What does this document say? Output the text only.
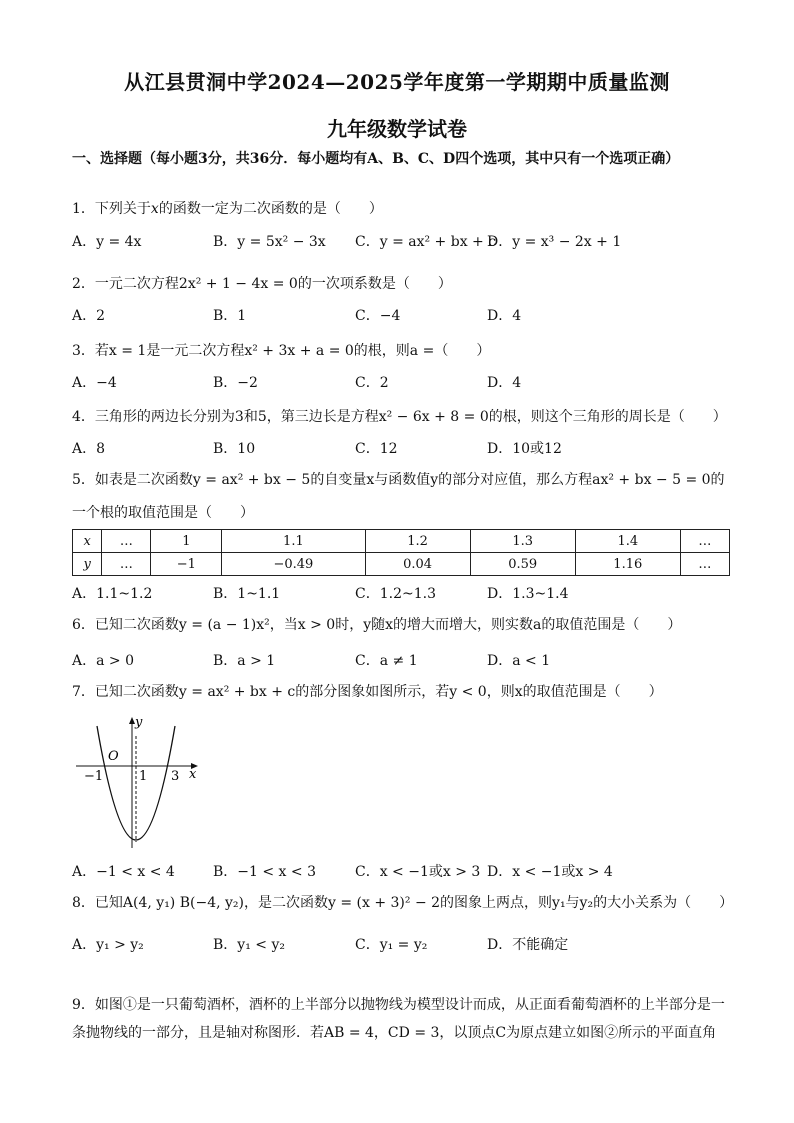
从江县贯洞中学2024—2025学年度第一学期期中质量监测
九年级数学试卷
一、选择题（每小题3分，共36分．每小题均有A、B、C、D四个选项，其中只有一个选项正确）
1．下列关于x的函数一定为二次函数的是（　　）
A．y = 4x	B．y = 5x² − 3x C．y = ax² + bx + c
D．y = x³ − 2x + 1
2．一元二次方程2x² + 1 − 4x = 0的一次项系数是（　　）
A．2	B．1	C．−4	D．4
3．若x = 1是一元二次方程x² + 3x + a = 0的根，则a =（　　）
A．−4	B．−2	C．2	D．4
4．三角形的两边长分别为3和5，第三边长是方程x² − 6x + 8 = 0的根，则这个三角形的周长是（　　）
A．8	B．10	C．12	D．10或12
5．如表是二次函数y = ax² + bx − 5的自变量x与函数值y的部分对应值，那么方程ax² + bx − 5 = 0的一个根的取值范围是（　　）
x	…	1	1.1	1.2	1.3	1.4	…
y	…	−1	−0.49	0.04	0.59	1.16	…
A．1.1~1.2	B．1~1.1	C．1.2~1.3	D．1.3~1.4
6．已知二次函数y = (a − 1)x²，当x > 0时，y随x的增大而增大，则实数a的取值范围是（　　）
A．a > 0	B．a > 1	C．a ≠ 1	D．a < 1
7．已知二次函数y = ax² + bx + c的部分图象如图所示，若y < 0，则x的取值范围是（　　）
y
x
O
−1	1 3
A．−1 < x < 4	B．−1 < x < 3	C．x < −1或x > 3 D．x < −1或x > 4
8．已知A(4, y₁) B(−4, y₂)，是二次函数y = (x + 3)² − 2的图象上两点，则y₁与y₂的大小关系为（　　）
A．y₁ > y₂	B．y₁ < y₂	C．y₁ = y₂	D．不能确定
9．如图①是一只葡萄酒杯，酒杯的上半部分以抛物线为模型设计而成，从正面看葡萄酒杯的上半部分是一条抛物线的一部分，且是轴对称图形．若AB = 4，CD = 3，以顶点C为原点建立如图②所示的平面直角
